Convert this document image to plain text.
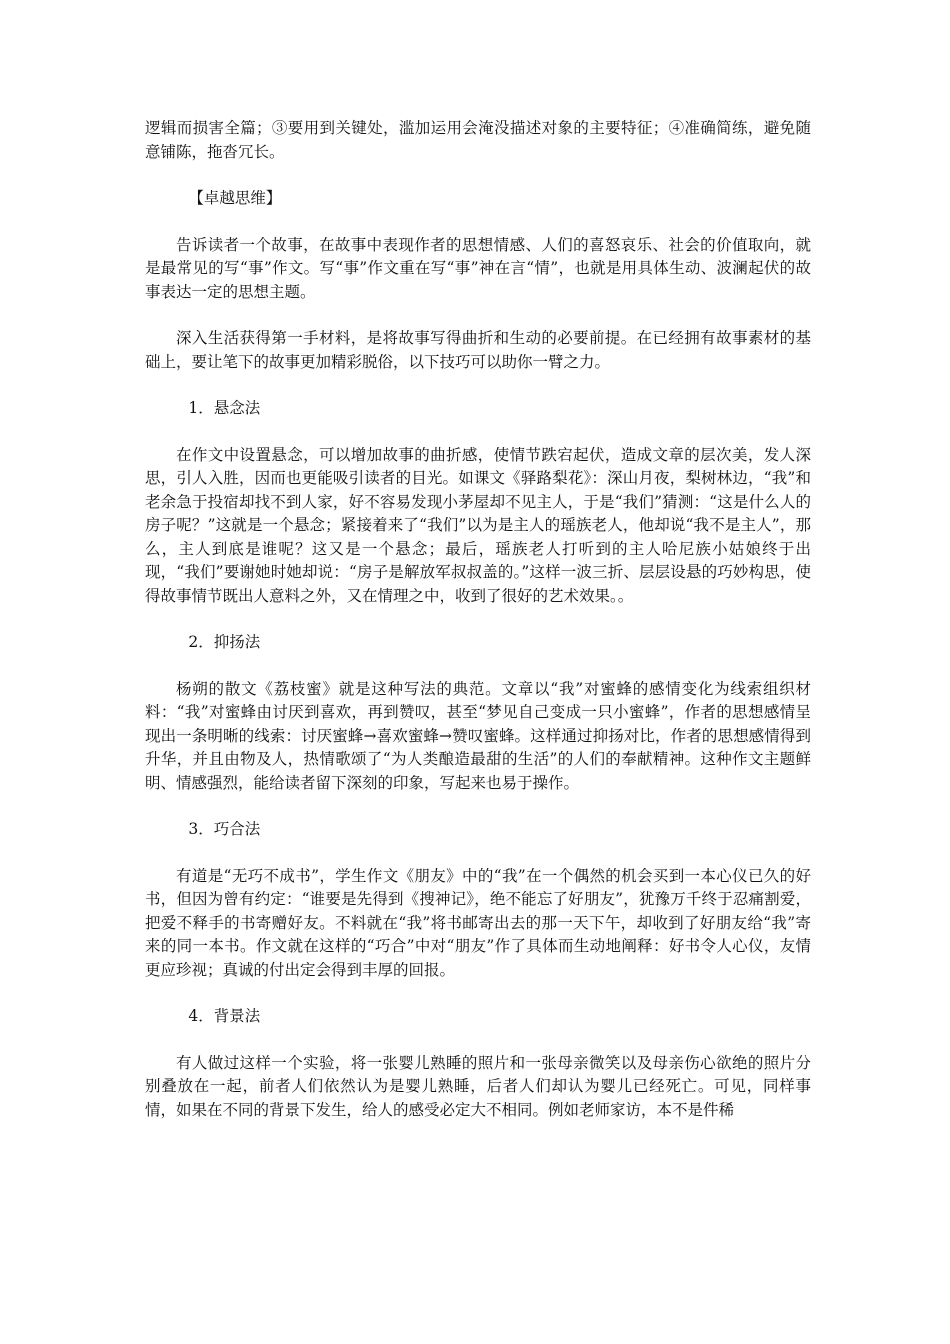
逻辑而损害全篇；③要用到关键处，滥加运用会淹没描述对象的主要特征；④准确简练，避免随意铺陈，拖沓冗长。

【卓越思维】

告诉读者一个故事，在故事中表现作者的思想情感、人们的喜怒哀乐、社会的价值取向，就是最常见的写“事”作文。写“事”作文重在写“事”神在言“情”，也就是用具体生动、波澜起伏的故事表达一定的思想主题。

深入生活获得第一手材料，是将故事写得曲折和生动的必要前提。在已经拥有故事素材的基础上，要让笔下的故事更加精彩脱俗，以下技巧可以助你一臂之力。

1．悬念法

在作文中设置悬念，可以增加故事的曲折感，使情节跌宕起伏，造成文章的层次美，发人深思，引人入胜，因而也更能吸引读者的目光。如课文《驿路梨花》：深山月夜，梨树林边，“我”和老余急于投宿却找不到人家，好不容易发现小茅屋却不见主人，于是“我们”猜测：“这是什么人的房子呢？”这就是一个悬念；紧接着来了“我们”以为是主人的瑶族老人，他却说“我不是主人”，那么，主人到底是谁呢？这又是一个悬念；最后，瑶族老人打听到的主人哈尼族小姑娘终于出现，“我们”要谢她时她却说：“房子是解放军叔叔盖的。”这样一波三折、层层设悬的巧妙构思，使得故事情节既出人意料之外，又在情理之中，收到了很好的艺术效果。。

2．抑扬法

杨朔的散文《荔枝蜜》就是这种写法的典范。文章以“我”对蜜蜂的感情变化为线索组织材料：“我”对蜜蜂由讨厌到喜欢，再到赞叹，甚至“梦见自己变成一只小蜜蜂”，作者的思想感情呈现出一条明晰的线索：讨厌蜜蜂→喜欢蜜蜂→赞叹蜜蜂。这样通过抑扬对比，作者的思想感情得到升华，并且由物及人，热情歌颂了“为人类酿造最甜的生活”的人们的奉献精神。这种作文主题鲜明、情感强烈，能给读者留下深刻的印象，写起来也易于操作。

3．巧合法

有道是“无巧不成书”，学生作文《朋友》中的“我”在一个偶然的机会买到一本心仪已久的好书，但因为曾有约定：“谁要是先得到《搜神记》，绝不能忘了好朋友”，犹豫万千终于忍痛割爱，把爱不释手的书寄赠好友。不料就在“我”将书邮寄出去的那一天下午，却收到了好朋友给“我”寄来的同一本书。作文就在这样的“巧合”中对“朋友”作了具体而生动地阐释：好书令人心仪，友情更应珍视；真诚的付出定会得到丰厚的回报。

4．背景法

有人做过这样一个实验，将一张婴儿熟睡的照片和一张母亲微笑以及母亲伤心欲绝的照片分别叠放在一起，前者人们依然认为是婴儿熟睡，后者人们却认为婴儿已经死亡。可见，同样事情，如果在不同的背景下发生，给人的感受必定大不相同。例如老师家访，本不是件稀
